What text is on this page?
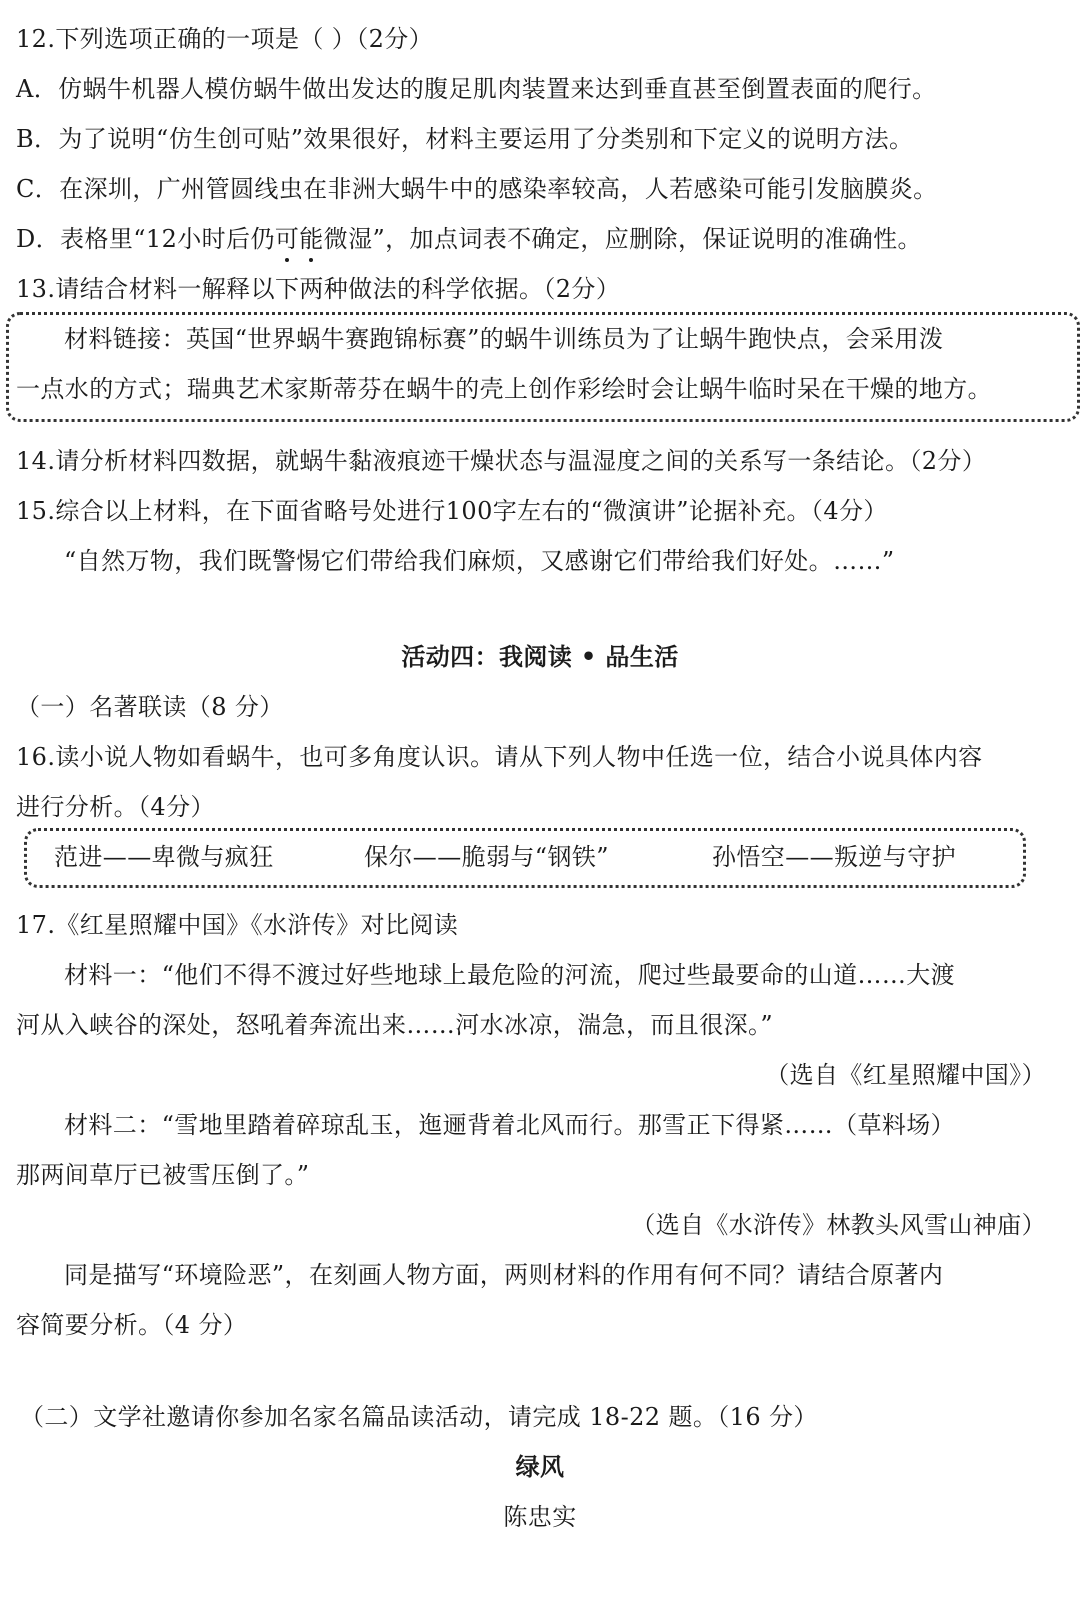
12.下列选项正确的一项是（ ）（2分）
A．仿蜗牛机器人模仿蜗牛做出发达的腹足肌肉装置来达到垂直甚至倒置表面的爬行。
B．为了说明“仿生创可贴”效果很好，材料主要运用了分类别和下定义的说明方法。
C．在深圳，广州管圆线虫在非洲大蜗牛中的感染率较高，人若感染可能引发脑膜炎。
D．表格里“12小时后仍可能微湿”，加点词表不确定，应删除，保证说明的准确性。
13.请结合材料一解释以下两种做法的科学依据。（2分）
材料链接：英国“世界蜗牛赛跑锦标赛”的蜗牛训练员为了让蜗牛跑快点，会采用泼
一点水的方式；瑞典艺术家斯蒂芬在蜗牛的壳上创作彩绘时会让蜗牛临时呆在干燥的地方。
14.请分析材料四数据，就蜗牛黏液痕迹干燥状态与温湿度之间的关系写一条结论。（2分）
15.综合以上材料，在下面省略号处进行100字左右的“微演讲”论据补充。（4分）
“自然万物，我们既警惕它们带给我们麻烦，又感谢它们带给我们好处。……”
活动四：我阅读 • 品生活
（一）名著联读（8 分）
16.读小说人物如看蜗牛，也可多角度认识。请从下列人物中任选一位，结合小说具体内容
进行分析。（4分）
范进——卑微与疯狂	保尔——脆弱与“钢铁”	孙悟空——叛逆与守护
17.《红星照耀中国》《水浒传》对比阅读
材料一：“他们不得不渡过好些地球上最危险的河流，爬过些最要命的山道……大渡
河从入峡谷的深处，怒吼着奔流出来……河水冰凉，湍急，而且很深。”
（选自《红星照耀中国》）
材料二：“雪地里踏着碎琼乱玉，迤逦背着北风而行。那雪正下得紧……（草料场）
那两间草厅已被雪压倒了。”
（选自《水浒传》林教头风雪山神庙）
同是描写“环境险恶”，在刻画人物方面，两则材料的作用有何不同？请结合原著内
容简要分析。（4 分）
（二）文学社邀请你参加名家名篇品读活动，请完成 18-22 题。（16 分）
绿风
陈忠实
